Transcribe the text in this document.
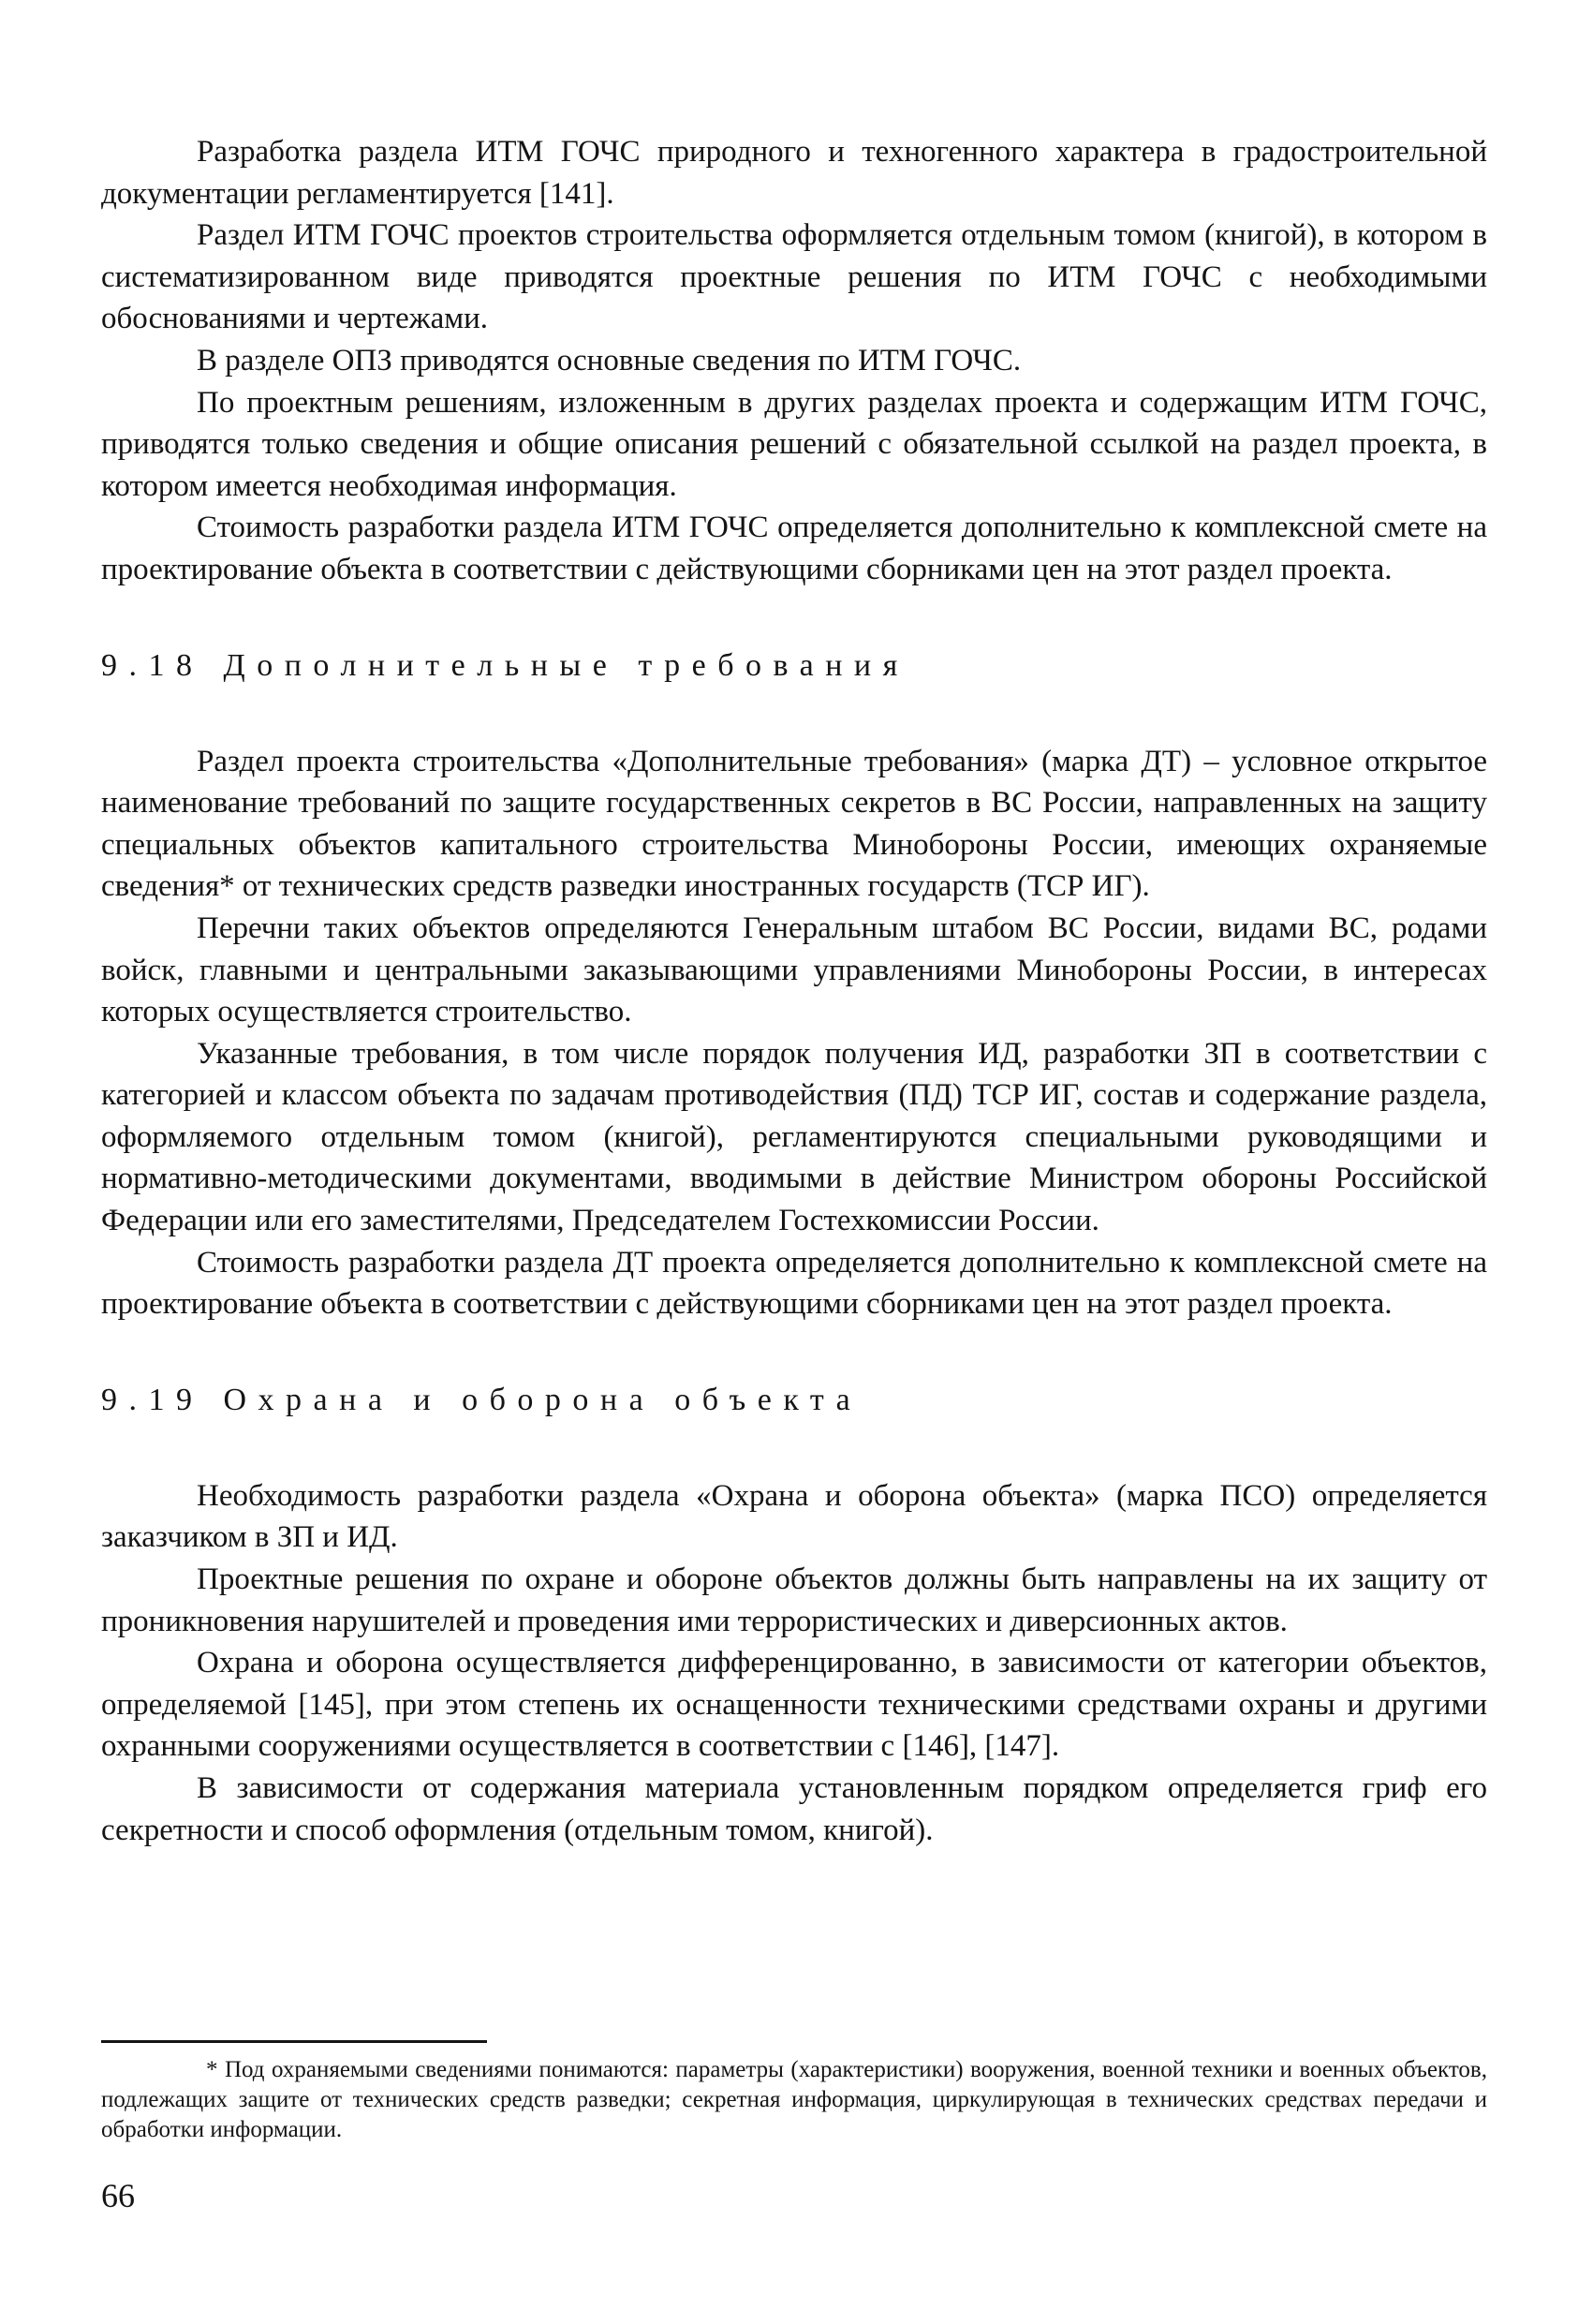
Разработка раздела ИТМ ГОЧС природного и техногенного характера в градостроительной документации регламентируется [141].

Раздел ИТМ ГОЧС проектов строительства оформляется отдельным томом (книгой), в котором в систематизированном виде приводятся проектные решения по ИТМ ГОЧС с необходимыми обоснованиями и чертежами.

В разделе ОПЗ приводятся основные сведения по ИТМ ГОЧС.

По проектным решениям, изложенным в других разделах проекта и содержащим ИТМ ГОЧС, приводятся только сведения и общие описания решений с обязательной ссылкой на раздел проекта, в котором имеется необходимая информация.

Стоимость разработки раздела ИТМ ГОЧС определяется дополнительно к комплексной смете на проектирование объекта в соответствии с действующими сборниками цен на этот раздел проекта.

9.18 Дополнительные требования

Раздел проекта строительства «Дополнительные требования» (марка ДТ) – условное открытое наименование требований по защите государственных секретов в ВС России, направленных на защиту специальных объектов капитального строительства Минобороны России, имеющих охраняемые сведения* от технических средств разведки иностранных государств (ТСР ИГ).

Перечни таких объектов определяются Генеральным штабом ВС России, видами ВС, родами войск, главными и центральными заказывающими управлениями Минобороны России, в интересах которых осуществляется строительство.

Указанные требования, в том числе порядок получения ИД, разработки ЗП в соответствии с категорией и классом объекта по задачам противодействия (ПД) ТСР ИГ, состав и содержание раздела, оформляемого отдельным томом (книгой), регламентируются специальными руководящими и нормативно-методическими документами, вводимыми в действие Министром обороны Российской Федерации или его заместителями, Председателем Гостехкомиссии России.

Стоимость разработки раздела ДТ проекта определяется дополнительно к комплексной смете на проектирование объекта в соответствии с действующими сборниками цен на этот раздел проекта.

9.19 Охрана и оборона объекта

Необходимость разработки раздела «Охрана и оборона объекта» (марка ПСО) определяется заказчиком в ЗП и ИД.

Проектные решения по охране и обороне объектов должны быть направлены на их защиту от проникновения нарушителей и проведения ими террористических и диверсионных актов.

Охрана и оборона осуществляется дифференцированно, в зависимости от категории объектов, определяемой [145], при этом степень их оснащенности техническими средствами охраны и другими охранными сооружениями осуществляется в соответствии с [146], [147].

В зависимости от содержания материала установленным порядком определяется гриф его секретности и способ оформления (отдельным томом, книгой).

* Под охраняемыми сведениями понимаются: параметры (характеристики) вооружения, военной техники и военных объектов, подлежащих защите от технических средств разведки; секретная информация, циркулирующая в технических средствах передачи и обработки информации.

66
